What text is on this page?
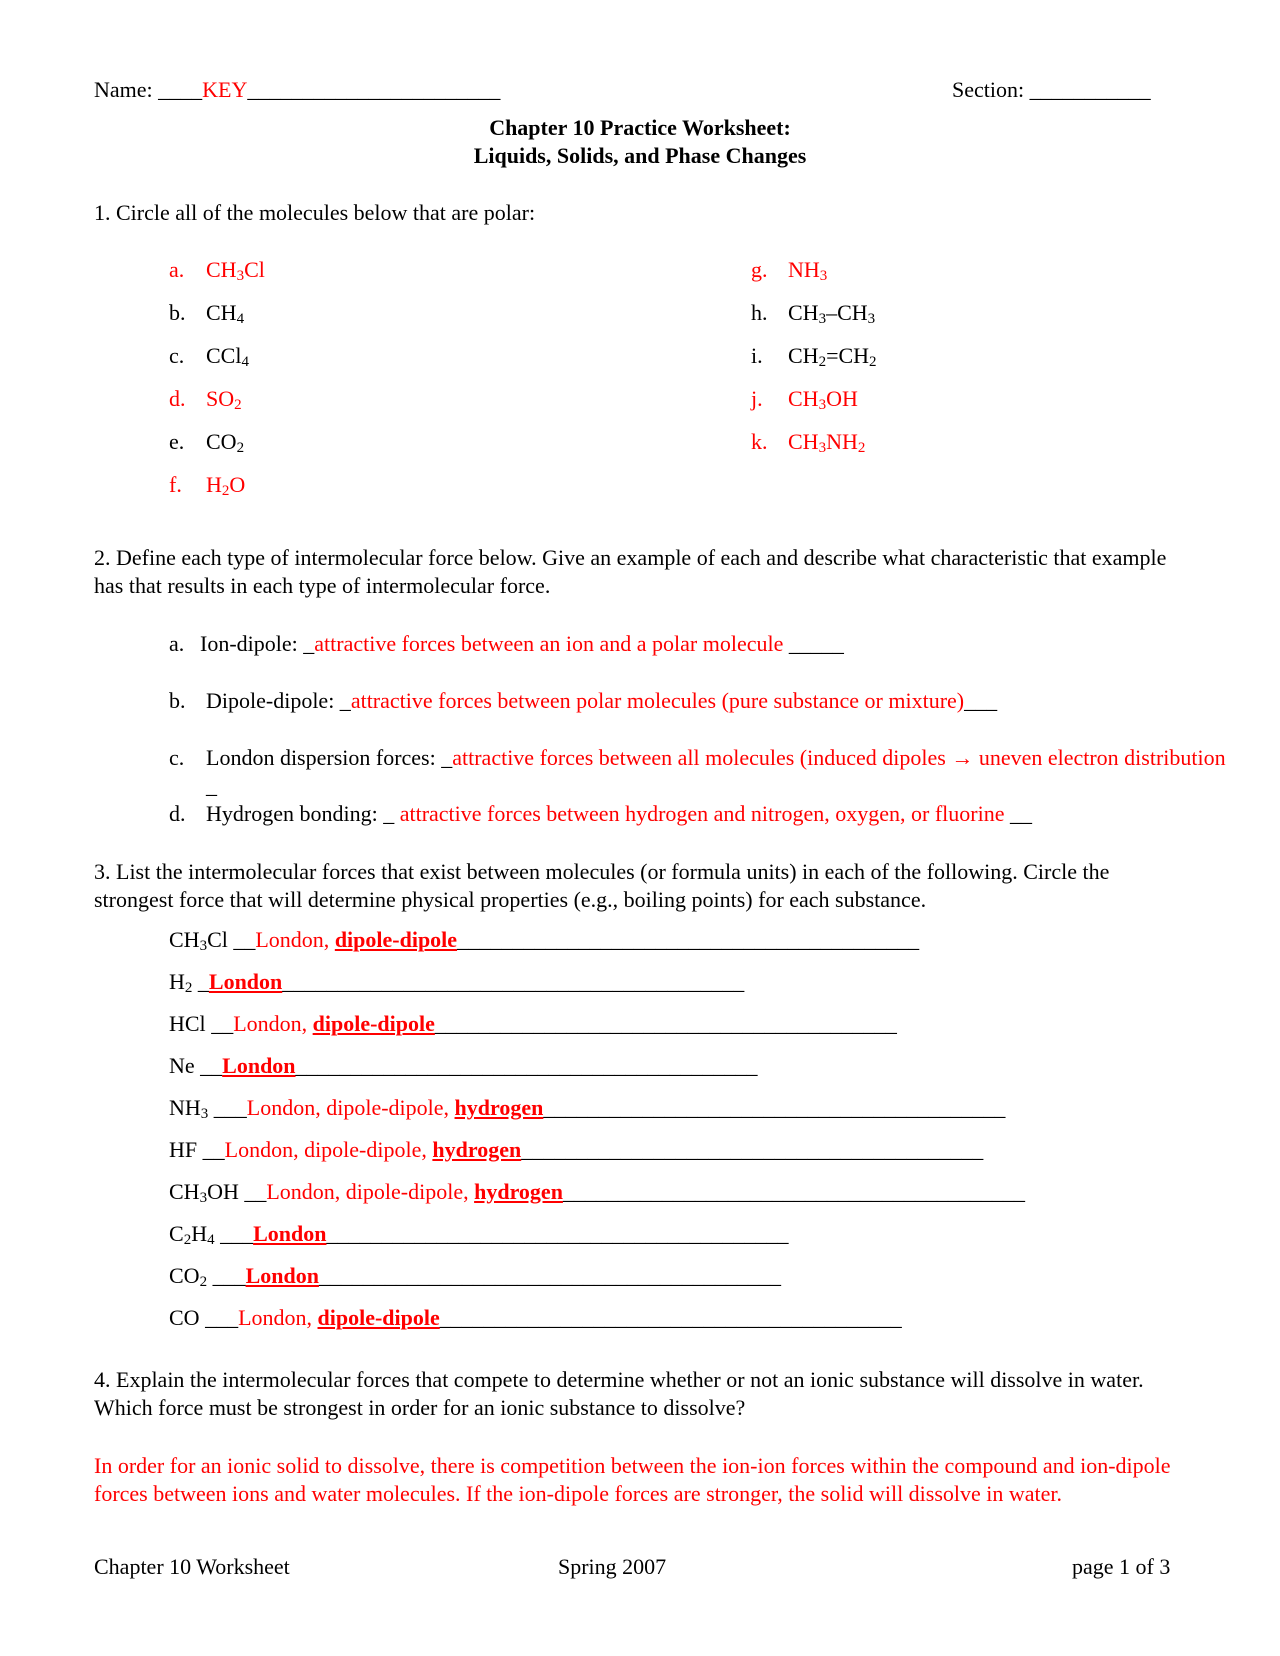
Name: ____KEY_______________________	Section: ___________
Chapter 10 Practice Worksheet:
Liquids, Solids, and Phase Changes
1. Circle all of the molecules below that are polar:
a. $CH_3Cl$
b. $CH_4$
c. CCl$_4$
d. $SO_2$
e. $CO_2$
f. $H_2O$
g. $NH_3$
h. $CH_3-CH_3$
i. $CH_2=CH_2$
j. $CH_3OH$
k. $CH_3NH_2$
2. Define each type of intermolecular force below. Give an example of each and describe what characteristic that example has that results in each type of intermolecular force.
a. Ion-dipole: _attractive forces between an ion and a polar molecule _____
b. Dipole-dipole: _attractive forces between polar molecules (pure substance or mixture)___
c. London dispersion forces: _attractive forces between all molecules (induced dipoles → uneven electron distribution _
d. Hydrogen bonding: _ attractive forces between hydrogen and nitrogen, oxygen, or fluorine __
3. List the intermolecular forces that exist between molecules (or formula units) in each of the following. Circle the strongest force that will determine physical properties (e.g., boiling points) for each substance.
$CH_3Cl$ __London, dipole-dipole__________________________________________
$H_2$ _London__________________________________________
HCl __London, dipole-dipole__________________________________________
Ne __London__________________________________________
$NH_3$ ___London, dipole-dipole, hydrogen__________________________________________
HF __London, dipole-dipole, hydrogen__________________________________________
$CH_3OH$ __London, dipole-dipole, hydrogen__________________________________________
$C_2H_4$ ___London__________________________________________
$CO_2$ ___London__________________________________________
CO ___London, dipole-dipole__________________________________________
4. Explain the intermolecular forces that compete to determine whether or not an ionic substance will dissolve in water. Which force must be strongest in order for an ionic substance to dissolve?
In order for an ionic solid to dissolve, there is competition between the ion-ion forces within the compound and ion-dipole forces between ions and water molecules. If the ion-dipole forces are stronger, the solid will dissolve in water.
Chapter 10 Worksheet	Spring 2007	page 1 of 3
